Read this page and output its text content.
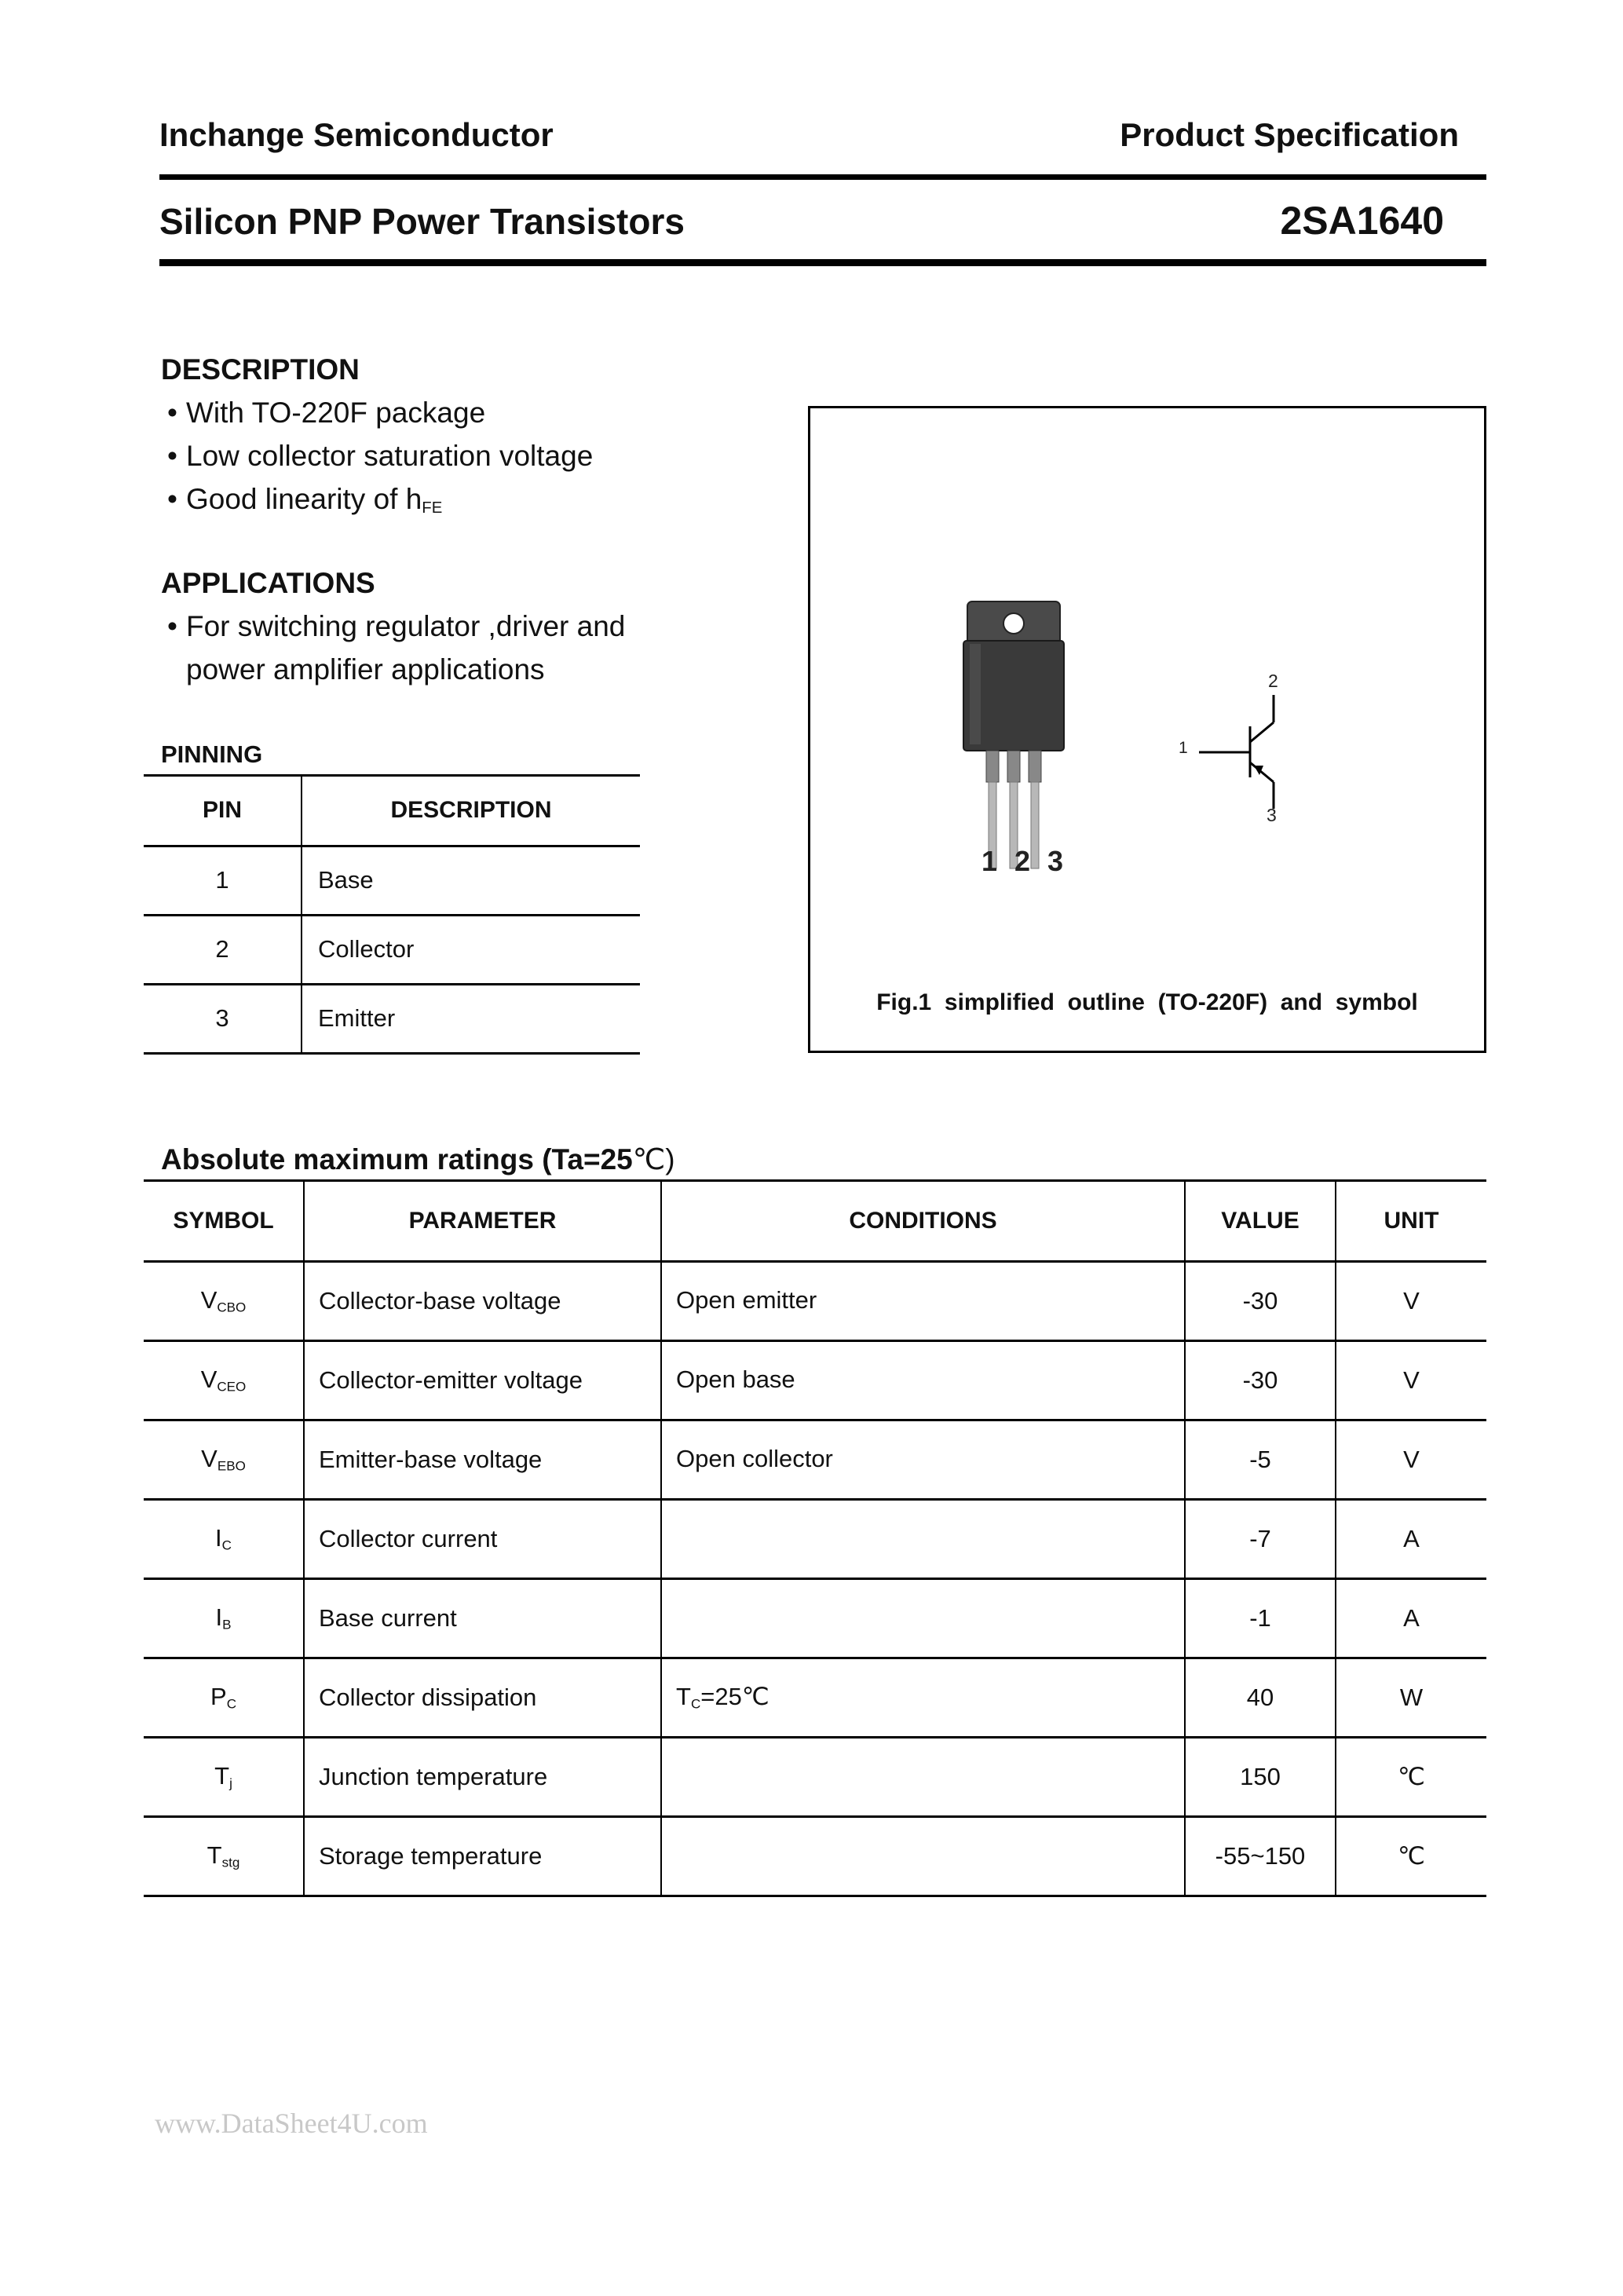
Inchange Semiconductor	Product Specification
Silicon PNP Power Transistors	2SA1640
DESCRIPTION
• With TO-220F package
• Low collector saturation voltage
• Good linearity of $h_{FE}$
APPLICATIONS
• For switching regulator ,driver and
power amplifier applications
PINNING
PIN	DESCRIPTION
1	Base
2	Collector
3	Emitter
1 2 3
1
2
3
Fig.1  simplified  outline  (TO-220F)  and  symbol
Absolute maximum ratings (Ta=25℃)
SYMBOL	PARAMETER	CONDITIONS	VALUE	UNIT
$V_{CBO}$	Collector-base voltage	Open emitter	-30	V
$V_{CEO}$	Collector-emitter voltage	Open base	-30	V
$V_{EBO}$	Emitter-base voltage	Open collector	-5	V
$I_C$	Collector current		-7	A
$I_B$	Base current		-1	A
$P_C$	Collector dissipation	$T_C=25℃$	40	W
$T_j$	Junction temperature		150	℃
$T_{stg}$	Storage temperature		-55~150	℃
www.DataSheet4U.com
